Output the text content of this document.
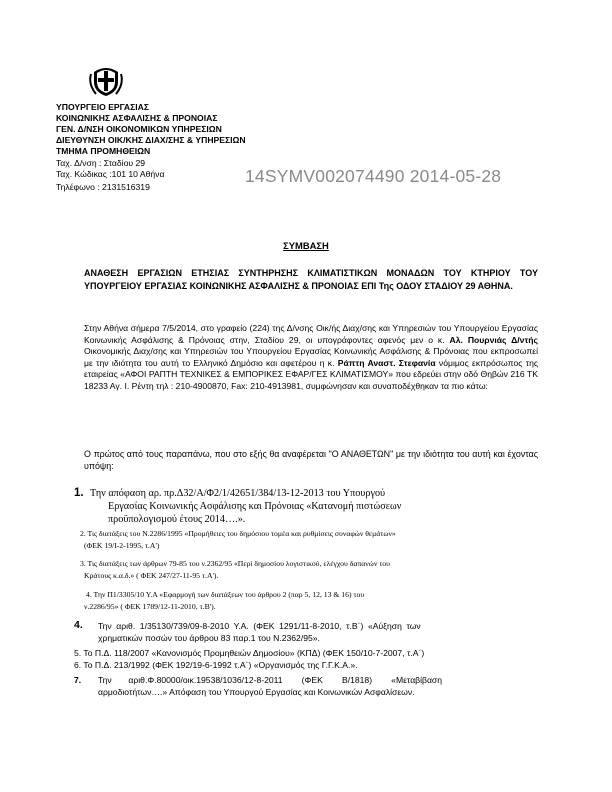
ΥΠΟΥΡΓΕΙΟ ΕΡΓΑΣΙΑΣ
ΚΟΙΝΩΝΙΚΗΣ ΑΣΦΑΛΙΣΗΣ & ΠΡΟΝΟΙΑΣ
ΓΕΝ. Δ/ΝΣΗ ΟΙΚΟΝΟΜΙΚΩΝ ΥΠΗΡΕΣΙΩΝ
ΔΙΕΥΘΥΝΣΗ ΟΙΚ/ΚΗΣ ΔΙΑΧ/ΣΗΣ & ΥΠΗΡΕΣΙΩΝ
ΤΜΗΜΑ ΠΡΟΜΗΘΕΙΩΝ
Ταχ. Δ/νση : Σταδίου 29
Ταχ. Κώδικας :101 10 Αθήνα
Τηλέφωνο : 2131516319
14SYMV002074490 2014-05-28
ΣΥΜΒΑΣΗ
ΑΝΑΘΕΣΗ ΕΡΓΑΣΙΩΝ ΕΤΗΣΙΑΣ ΣΥΝΤΗΡΗΣΗΣ ΚΛΙΜΑΤΙΣΤΙΚΩΝ ΜΟΝΑΔΩΝ ΤΟΥ ΚΤΗΡΙΟΥ ΤΟΥ ΥΠΟΥΡΓΕΙΟΥ ΕΡΓΑΣΙΑΣ ΚΟΙΝΩΝΙΚΗΣ ΑΣΦΑΛΙΣΗΣ & ΠΡΟΝΟΙΑΣ ΕΠΙ Της ΟΔΟΥ ΣΤΑΔΙΟΥ 29 ΑΘΗΝΑ.
Στην Αθήνα σήμερα 7/5/2014, στο γραφείο (224) της Δ/νσης Οικ/ής Διαχ/σης και Υπηρεσιών του Υπουργείου Εργασίας Κοινωνικής Ασφάλισης & Πρόνοιας στην, Σταδίου 29, οι υπογράφοντες αφενός μεν ο κ. Αλ. Πουρνιάς Δ/ντής Οικονομικής Διαχ/σης και Υπηρεσιών του Υπουργείου Εργασίας Κοινωνικής Ασφάλισης & Πρόνοιας που εκπροσωπεί με την ιδιότητα του αυτή το Ελληνικό Δημόσιο και αφετέρου η κ. Ράπτη Αναστ. Στεφανία νόμιμος εκπρόσωπος της εταιρείας «ΑΦΟΙ ΡΑΠΤΗ ΤΕΧΝΙΚΕΣ & ΕΜΠΟΡΙΚΕΣ ΕΦΑΡ/ΓΕΣ ΚΛΙΜΑΤΙΣΜΟΥ» που εδρεύει στην οδό Θηβών 216 ΤΚ 18233 Αγ. Ι. Ρέντη τηλ : 210-4900870, Fax: 210-4913981, συμφώνησαν και συναποδέχθηκαν τα πιο κάτω:
Ο πρώτος από τους παραπάνω, που στο εξής θα αναφέρεται "Ο ΑΝΑΘΕΤΩΝ" με την ιδιότητα του αυτή και έχοντας υπόψη:
1. Την απόφαση αρ. πρ.Δ32/Α/Φ2/1/42651/384/13-12-2013 του Υπουργού
Εργασίας Κοινωνικής Ασφάλισης και Πρόνοιας «Κατανομή πιστώσεων
προϋπολογισμού έτους 2014….».
2. Τις διατάξεις του Ν.2286/1995 «Προμήθειες του δημόσιου τομέα και ρυθμίσεις συναφών θεμάτων»
(ΦΕΚ 19/Ι-2-1995, τ.Α')
3. Τις διατάξεις των άρθρων 79-85 του ν.2362/95 «Περί δημοσίου λογιστικού, ελέγχου δαπανών του
Κράτους κ.α.δ.» ( ΦΕΚ 247/27-11-95 τ.Α').
4. Την Π1/3305/10 Υ.Α «Εφαρμογή των διατάξεων του άρθρου 2 (παρ 5, 12, 13 & 16) του
ν.2286/95» ( ΦΕΚ 1789/12-11-2010, τ.Β').
4. Την αριθ. 1/35130/739/09-8-2010 Υ.Α. (ΦΕΚ 1291/11-8-2010, τ.Β΄) «Αύξηση των
χρηματικών ποσών του άρθρου 83 παρ.1 του Ν.2362/95».
5. Το Π.Δ. 118/2007 «Κανονισμός Προμηθειών Δημοσίου» (ΚΠΔ) (ΦΕΚ 150/10-7-2007, τ.Α΄)
6. Το Π.Δ. 213/1992 (ΦΕΚ 192/19-6-1992 τ.Α΄) «Οργανισμός της Γ.Γ.Κ.Α.».
7. Την       αριθ.Φ.80000/οικ.19538/1036/12-8-2011        (ΦΕΚ        Β/1818)        «Μεταβίβαση
αρμοδιοτήτων….» Απόφαση του Υπουργού Εργασίας και Κοινωνικών Ασφαλίσεων.
